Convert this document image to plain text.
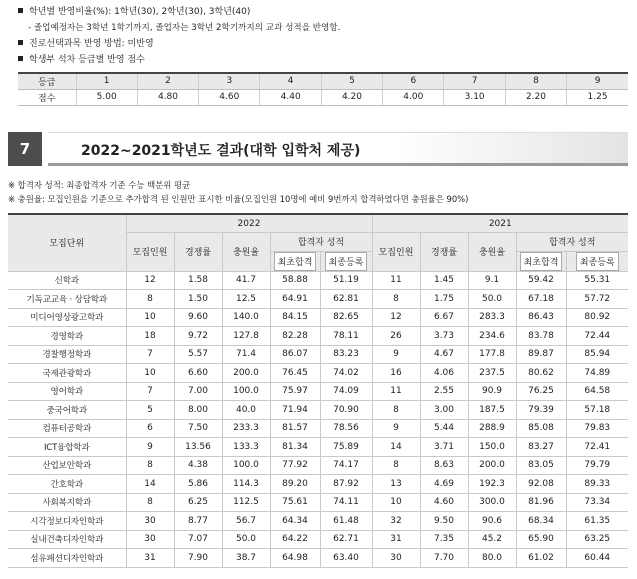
학년별 반영비율(%): 1학년(30), 2학년(30), 3학년(40)
- 졸업예정자는 3학년 1학기까지, 졸업자는 3학년 2학기까지의 교과 성적을 반영함.
진로선택과목 반영 방법: 미반영
학생부 석차 등급별 반영 점수
등급	1	2	3	4	5	6	7	8	9
점수	5.00	4.80	4.60	4.40	4.20	4.00	3.10	2.20	1.25
2022~2021학년도 결과(대학 입학처 제공)
7
※ 합격자 성적: 최종합격자 기준 수능 백분위 평균
※ 충원율: 모집인원을 기준으로 추가합격 된 인원만 표시한 비율(모집인원 10명에 예비 9번까지 합격하였다면 충원율은 90%)
모집단위	2022					2021				
	모집인원	경쟁률	충원율	합격자 성적		모집인원	경쟁률	충원율	합격자 성적	
				최초합격	최종등록				최초합격	최종등록
신학과	12	1.58	41.7	58.88	51.19	11	1.45	9.1	59.42	55.31
기독교교육 · 상담학과	8	1.50	12.5	64.91	62.81	8	1.75	50.0	67.18	57.72
미디어영상광고학과	10	9.60	140.0	84.15	82.65	12	6.67	283.3	86.43	80.92
경영학과	18	9.72	127.8	82.28	78.11	26	3.73	234.6	83.78	72.44
경찰행정학과	7	5.57	71.4	86.07	83.23	9	4.67	177.8	89.87	85.94
국제관광학과	10	6.60	200.0	76.45	74.02	16	4.06	237.5	80.62	74.89
영어학과	7	7.00	100.0	75.97	74.09	11	2.55	90.9	76.25	64.58
중국어학과	5	8.00	40.0	71.94	70.90	8	3.00	187.5	79.39	57.18
컴퓨터공학과	6	7.50	233.3	81.57	78.56	9	5.44	288.9	85.08	79.83
ICT융합학과	9	13.56	133.3	81.34	75.89	14	3.71	150.0	83.27	72.41
산업보안학과	8	4.38	100.0	77.92	74.17	8	8.63	200.0	83.05	79.79
간호학과	14	5.86	114.3	89.20	87.92	13	4.69	192.3	92.08	89.33
사회복지학과	8	6.25	112.5	75.61	74.11	10	4.60	300.0	81.96	73.34
시각정보디자인학과	30	8.77	56.7	64.34	61.48	32	9.50	90.6	68.34	61.35
실내건축디자인학과	30	7.07	50.0	64.22	62.71	31	7.35	45.2	65.90	63.25
섬유패션디자인학과	31	7.90	38.7	64.98	63.40	30	7.70	80.0	61.02	60.44
